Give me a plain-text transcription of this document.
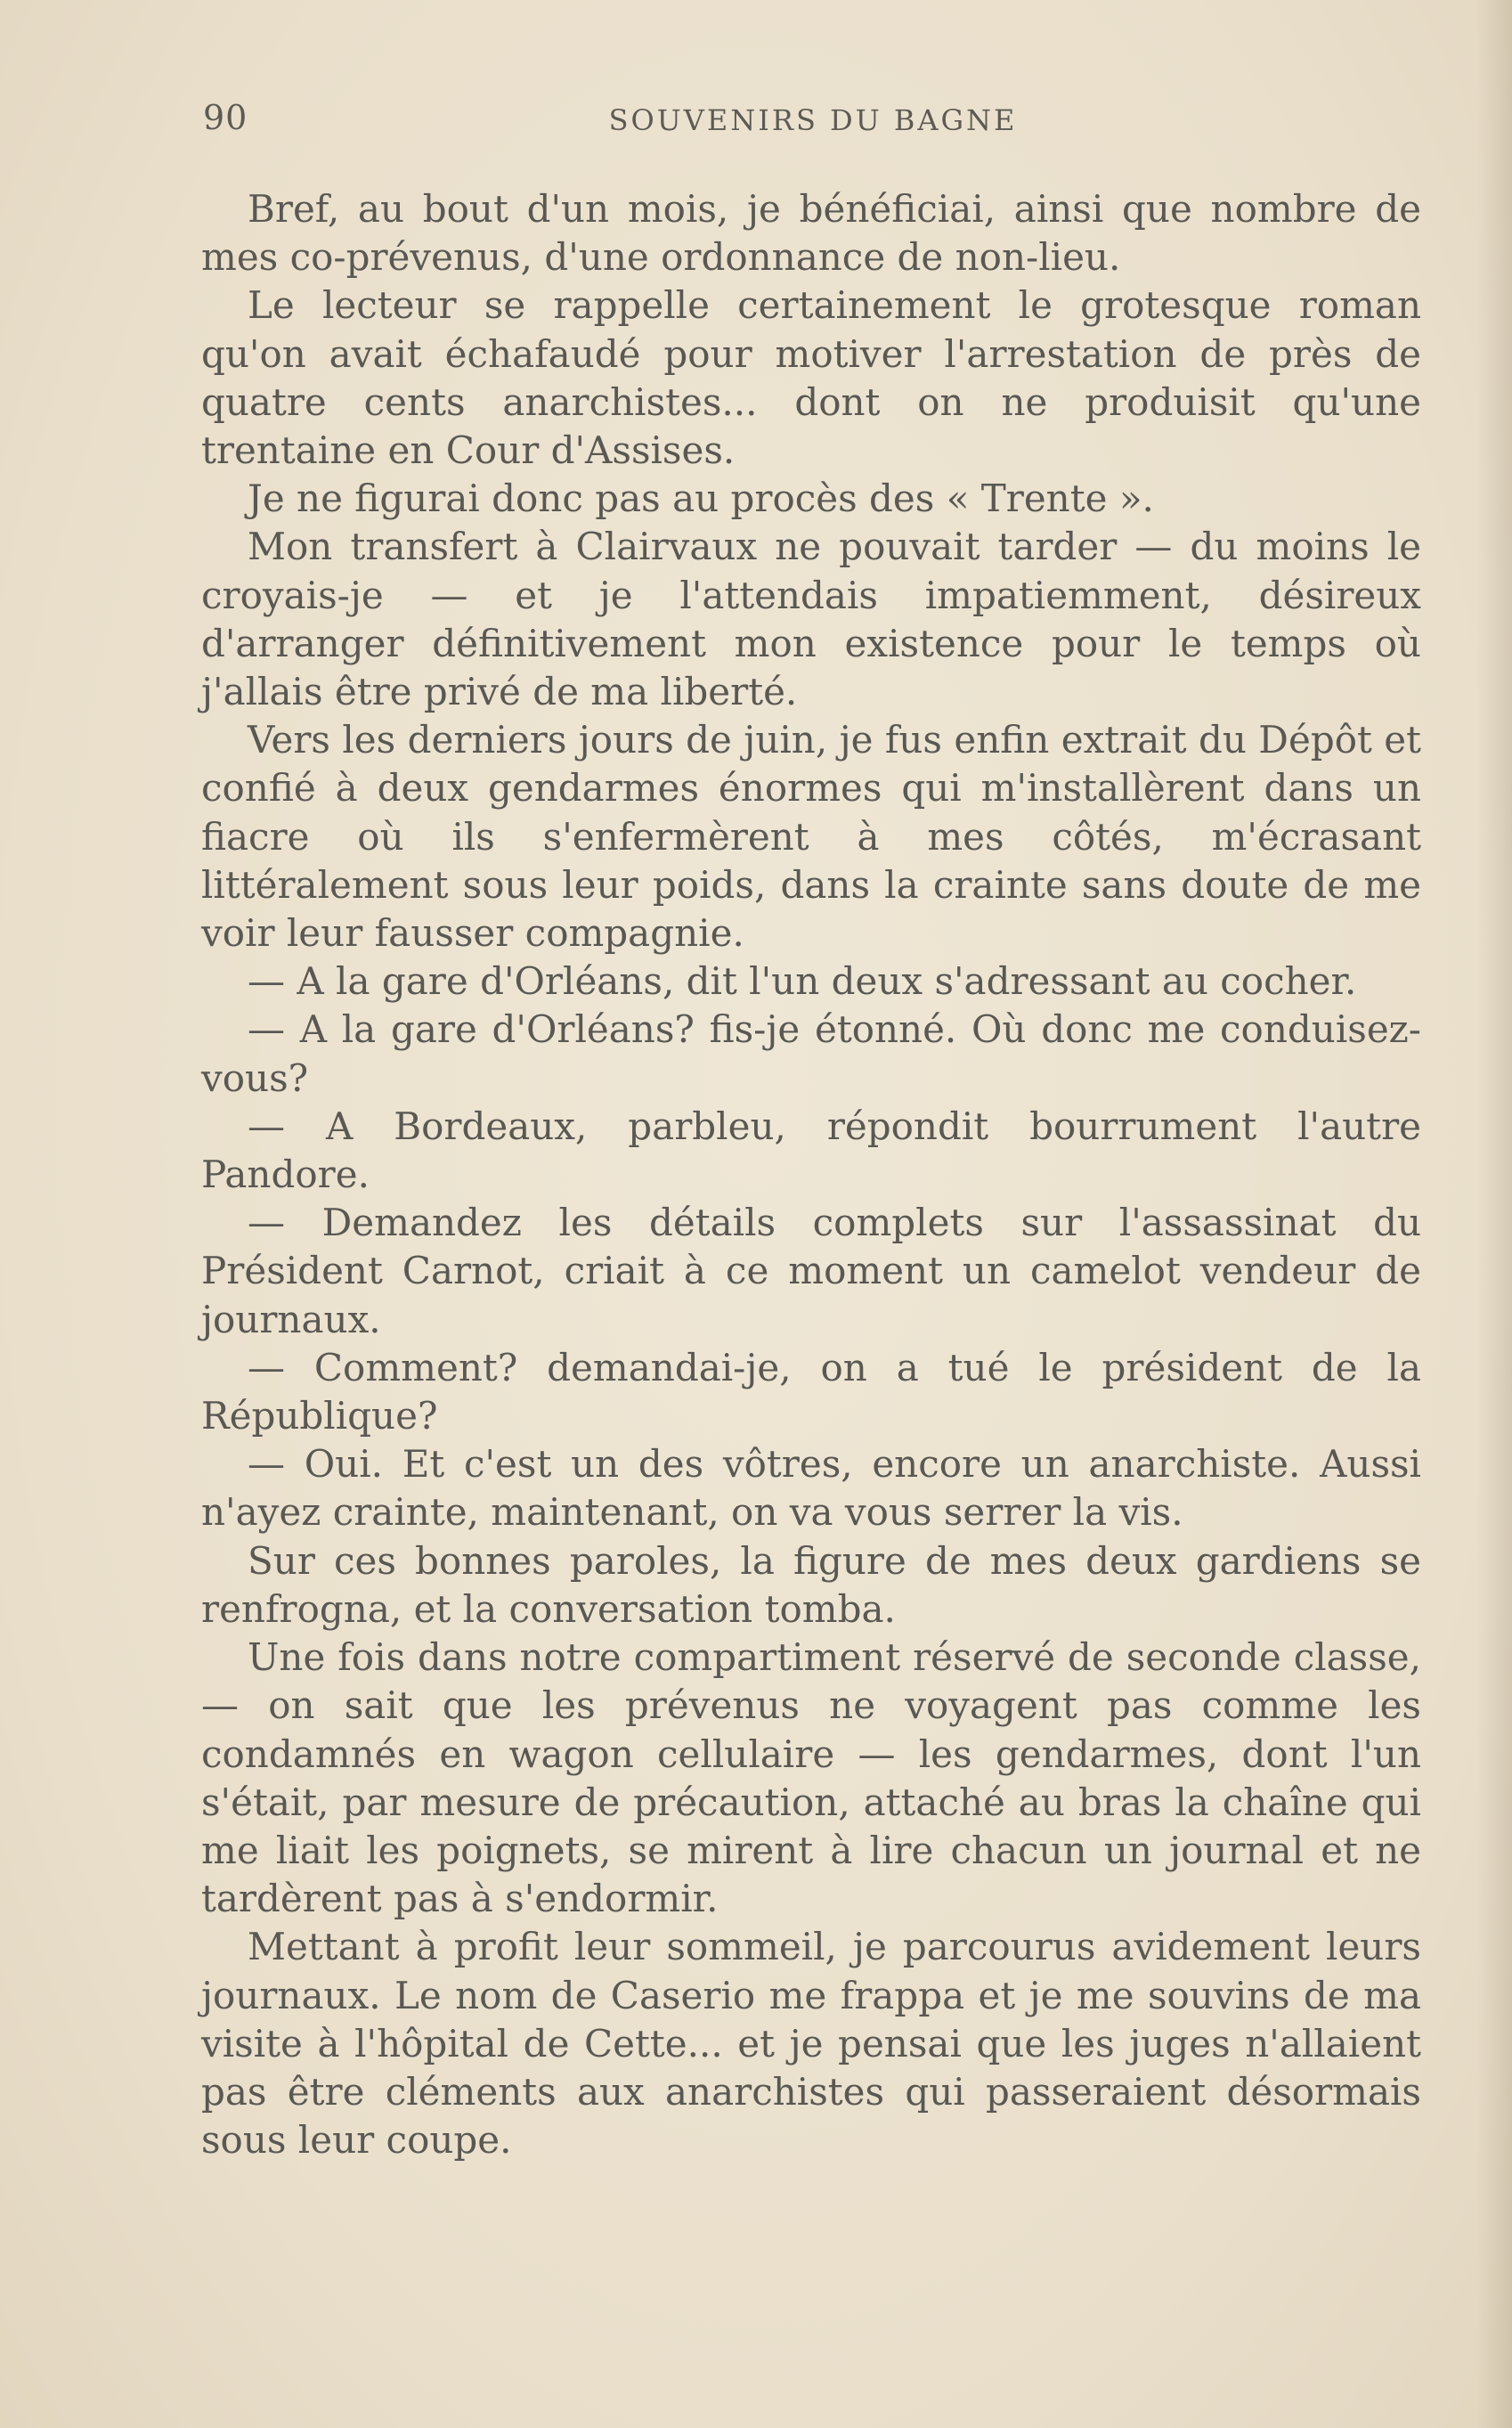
90	SOUVENIRS DU BAGNE

Bref, au bout d'un mois, je bénéficiai, ainsi que nombre de mes co-prévenus, d'une ordonnance de non-lieu.

Le lecteur se rappelle certainement le grotesque roman qu'on avait échafaudé pour motiver l'arrestation de près de quatre cents anarchistes... dont on ne produisit qu'une trentaine en Cour d'Assises.

Je ne figurai donc pas au procès des « Trente ».

Mon transfert à Clairvaux ne pouvait tarder — du moins le croyais-je — et je l'attendais impatiemment, désireux d'arranger définitivement mon existence pour le temps où j'allais être privé de ma liberté.

Vers les derniers jours de juin, je fus enfin extrait du Dépôt et confié à deux gendarmes énormes qui m'installèrent dans un fiacre où ils s'enfermèrent à mes côtés, m'écrasant littéralement sous leur poids, dans la crainte sans doute de me voir leur fausser compagnie.

— A la gare d'Orléans, dit l'un deux s'adressant au cocher.

— A la gare d'Orléans? fis-je étonné. Où donc me conduisez-vous?

— A Bordeaux, parbleu, répondit bourrument l'autre Pandore.

— Demandez les détails complets sur l'assassinat du Président Carnot, criait à ce moment un camelot vendeur de journaux.

— Comment? demandai-je, on a tué le président de la République?

— Oui. Et c'est un des vôtres, encore un anarchiste. Aussi n'ayez crainte, maintenant, on va vous serrer la vis.

Sur ces bonnes paroles, la figure de mes deux gardiens se renfrogna, et la conversation tomba.

Une fois dans notre compartiment réservé de seconde classe, — on sait que les prévenus ne voyagent pas comme les condamnés en wagon cellulaire — les gendarmes, dont l'un s'était, par mesure de précaution, attaché au bras la chaîne qui me liait les poignets, se mirent à lire chacun un journal et ne tardèrent pas à s'endormir.

Mettant à profit leur sommeil, je parcourus avidement leurs journaux. Le nom de Caserio me frappa et je me souvins de ma visite à l'hôpital de Cette... et je pensai que les juges n'allaient pas être cléments aux anarchistes qui passeraient désormais sous leur coupe.
